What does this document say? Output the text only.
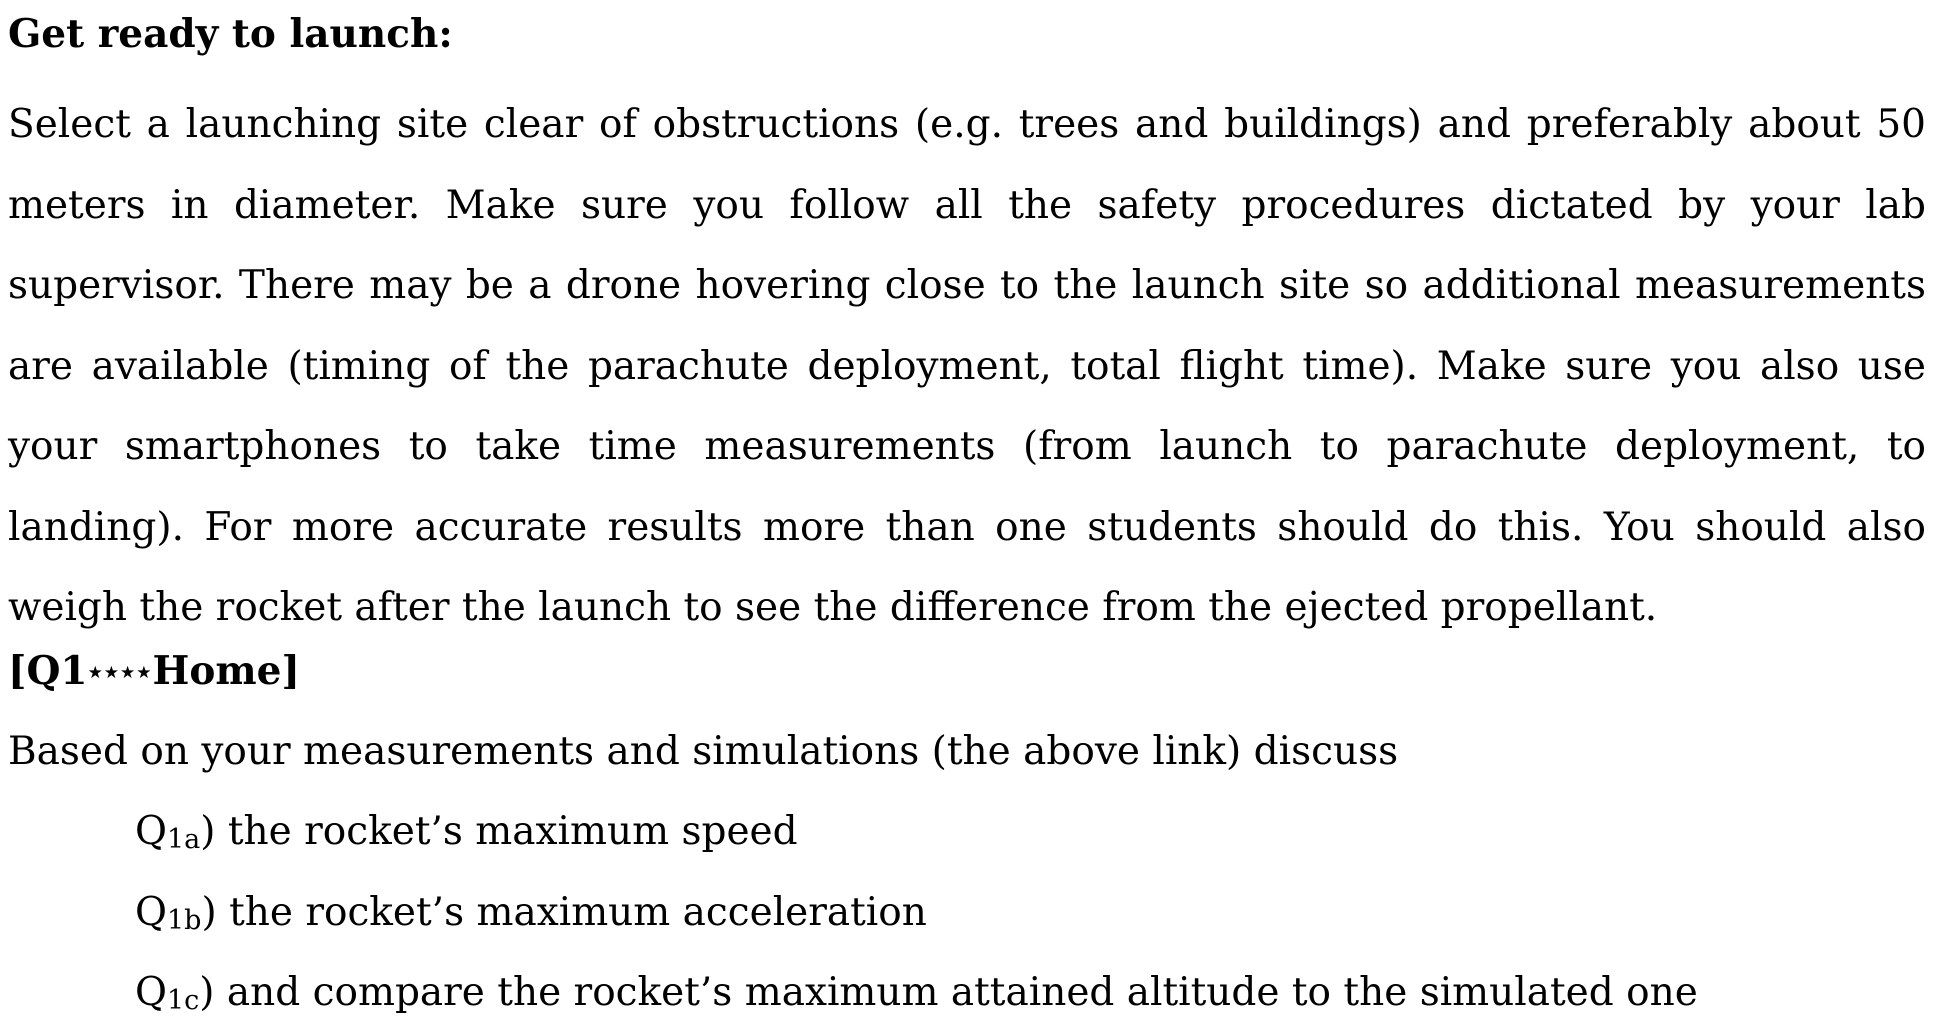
Get ready to launch:

Select a launching site clear of obstructions (e.g. trees and buildings) and preferably about 50 meters in diameter. Make sure you follow all the safety procedures dictated by your lab supervisor. There may be a drone hovering close to the launch site so additional measurements are available (timing of the parachute deployment, total flight time). Make sure you also use your smartphones to take time measurements (from launch to parachute deployment, to landing). For more accurate results more than one students should do this. You should also weigh the rocket after the launch to see the difference from the ejected propellant.

[Q1★★★★Home]

Based on your measurements and simulations (the above link) discuss

Q1a) the rocket’s maximum speed

Q1b) the rocket’s maximum acceleration

Q1c) and compare the rocket’s maximum attained altitude to the simulated one
